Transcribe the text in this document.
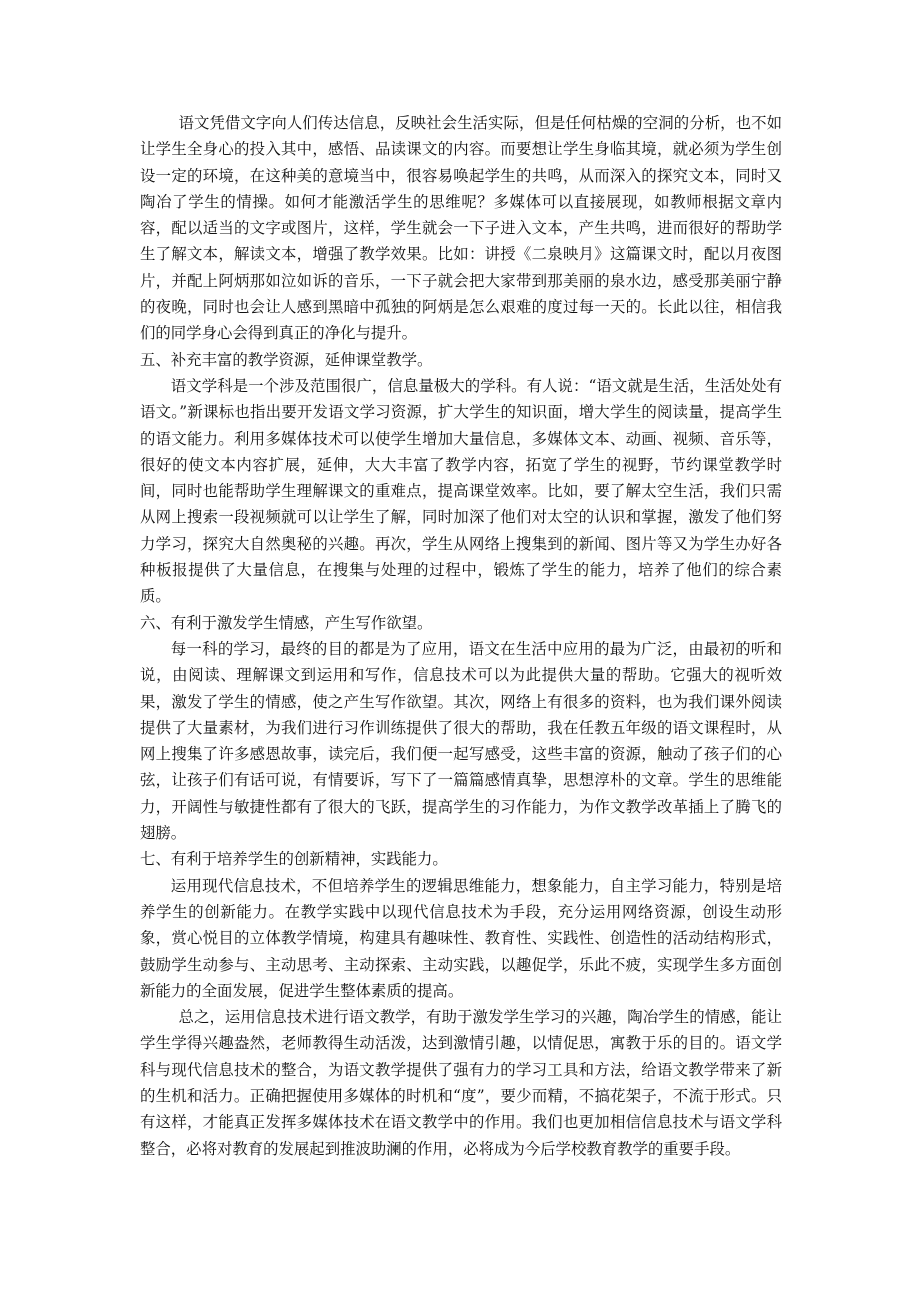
语文凭借文字向人们传达信息，反映社会生活实际，但是任何枯燥的空洞的分析，也不如让学生全身心的投入其中，感悟、品读课文的内容。而要想让学生身临其境，就必须为学生创设一定的环境，在这种美的意境当中，很容易唤起学生的共鸣，从而深入的探究文本，同时又陶冶了学生的情操。如何才能激活学生的思维呢？多媒体可以直接展现，如教师根据文章内容，配以适当的文字或图片，这样，学生就会一下子进入文本，产生共鸣，进而很好的帮助学生了解文本，解读文本，增强了教学效果。比如：讲授《二泉映月》这篇课文时，配以月夜图片，并配上阿炳那如泣如诉的音乐，一下子就会把大家带到那美丽的泉水边，感受那美丽宁静的夜晚，同时也会让人感到黑暗中孤独的阿炳是怎么艰难的度过每一天的。长此以往，相信我们的同学身心会得到真正的净化与提升。

五、补充丰富的教学资源，延伸课堂教学。

语文学科是一个涉及范围很广，信息量极大的学科。有人说：“语文就是生活，生活处处有语文。”新课标也指出要开发语文学习资源，扩大学生的知识面，增大学生的阅读量，提高学生的语文能力。利用多媒体技术可以使学生增加大量信息，多媒体文本、动画、视频、音乐等，很好的使文本内容扩展，延伸，大大丰富了教学内容，拓宽了学生的视野，节约课堂教学时间，同时也能帮助学生理解课文的重难点，提高课堂效率。比如，要了解太空生活，我们只需从网上搜索一段视频就可以让学生了解，同时加深了他们对太空的认识和掌握，激发了他们努力学习，探究大自然奥秘的兴趣。再次，学生从网络上搜集到的新闻、图片等又为学生办好各种板报提供了大量信息，在搜集与处理的过程中，锻炼了学生的能力，培养了他们的综合素质。

六、有利于激发学生情感，产生写作欲望。

每一科的学习，最终的目的都是为了应用，语文在生活中应用的最为广泛，由最初的听和说，由阅读、理解课文到运用和写作，信息技术可以为此提供大量的帮助。它强大的视听效果，激发了学生的情感，使之产生写作欲望。其次，网络上有很多的资料，也为我们课外阅读提供了大量素材，为我们进行习作训练提供了很大的帮助，我在任教五年级的语文课程时，从网上搜集了许多感恩故事，读完后，我们便一起写感受，这些丰富的资源，触动了孩子们的心弦，让孩子们有话可说，有情要诉，写下了一篇篇感情真挚，思想淳朴的文章。学生的思维能力，开阔性与敏捷性都有了很大的飞跃，提高学生的习作能力，为作文教学改革插上了腾飞的翅膀。

七、有利于培养学生的创新精神，实践能力。

运用现代信息技术，不但培养学生的逻辑思维能力，想象能力，自主学习能力，特别是培养学生的创新能力。在教学实践中以现代信息技术为手段，充分运用网络资源，创设生动形象，赏心悦目的立体教学情境，构建具有趣味性、教育性、实践性、创造性的活动结构形式，鼓励学生动参与、主动思考、主动探索、主动实践，以趣促学，乐此不疲，实现学生多方面创新能力的全面发展，促进学生整体素质的提高。

总之，运用信息技术进行语文教学，有助于激发学生学习的兴趣，陶冶学生的情感，能让学生学得兴趣盎然，老师教得生动活泼，达到激情引趣，以情促思，寓教于乐的目的。语文学科与现代信息技术的整合，为语文教学提供了强有力的学习工具和方法，给语文教学带来了新的生机和活力。正确把握使用多媒体的时机和“度”，要少而精，不搞花架子，不流于形式。只有这样，才能真正发挥多媒体技术在语文教学中的作用。我们也更加相信信息技术与语文学科整合，必将对教育的发展起到推波助澜的作用，必将成为今后学校教育教学的重要手段。
